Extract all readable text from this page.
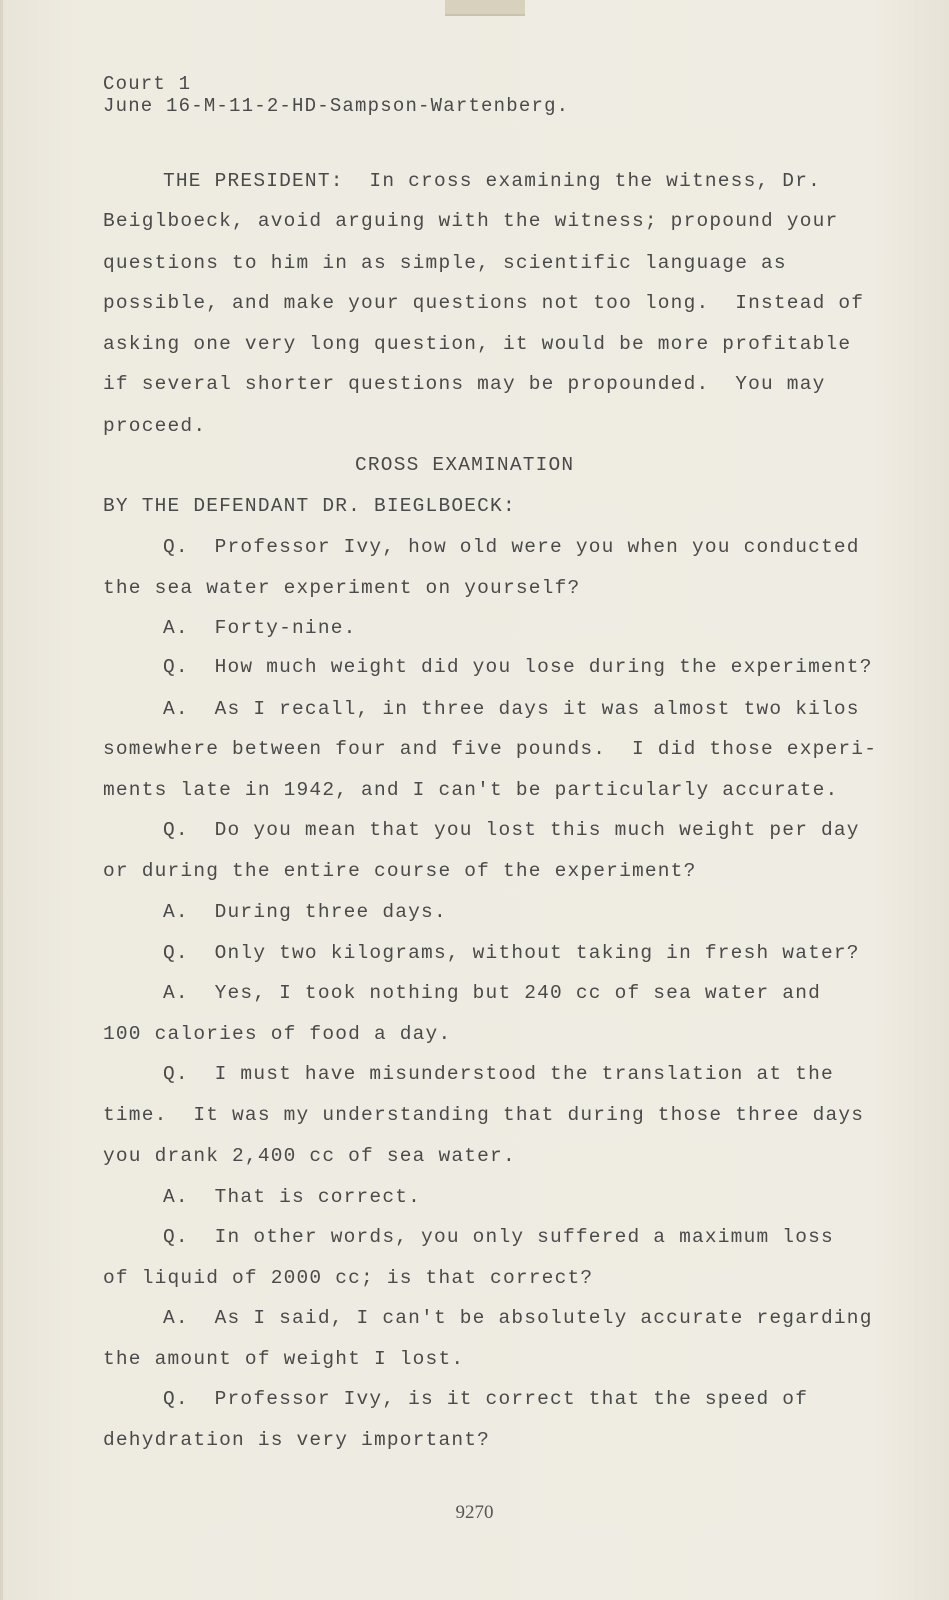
Court 1
June 16-M-11-2-HD-Sampson-Wartenberg.
THE PRESIDENT:  In cross examining the witness, Dr.
Beiglboeck, avoid arguing with the witness; propound your
questions to him in as simple, scientific language as
possible, and make your questions not too long.  Instead of
asking one very long question, it would be more profitable
if several shorter questions may be propounded.  You may
proceed.
CROSS EXAMINATION
BY THE DEFENDANT DR. BIEGLBOECK:
Q.  Professor Ivy, how old were you when you conducted
the sea water experiment on yourself?
A.  Forty-nine.
Q.  How much weight did you lose during the experiment?
A.  As I recall, in three days it was almost two kilos
somewhere between four and five pounds.  I did those experi-
ments late in 1942, and I can't be particularly accurate.
Q.  Do you mean that you lost this much weight per day
or during the entire course of the experiment?
A.  During three days.
Q.  Only two kilograms, without taking in fresh water?
A.  Yes, I took nothing but 240 cc of sea water and
100 calories of food a day.
Q.  I must have misunderstood the translation at the
time.  It was my understanding that during those three days
you drank 2,400 cc of sea water.
A.  That is correct.
Q.  In other words, you only suffered a maximum loss
of liquid of 2000 cc; is that correct?
A.  As I said, I can't be absolutely accurate regarding
the amount of weight I lost.
Q.  Professor Ivy, is it correct that the speed of
dehydration is very important?
9270
